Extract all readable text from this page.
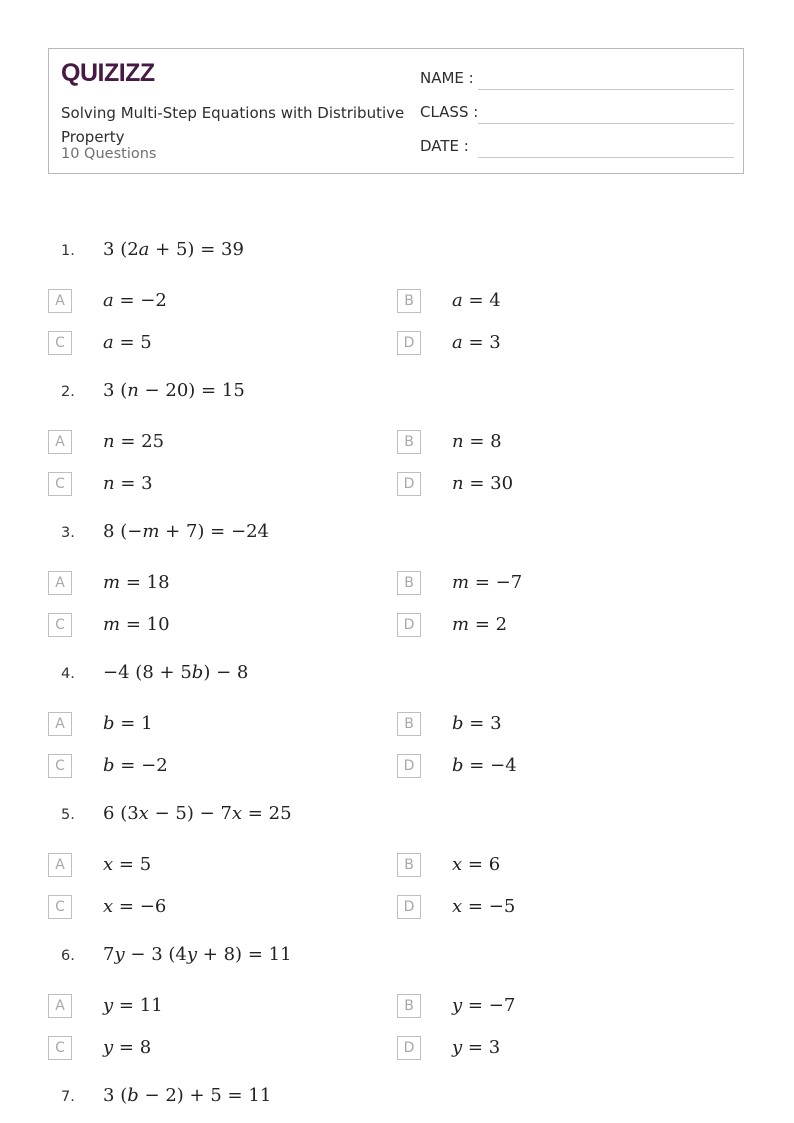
QUIZIZZ
Solving Multi-Step Equations with Distributive Property
10 Questions
NAME :
CLASS :
DATE :
1. 3 (2a + 5) = 39
A	a = −2	B	a = 4
C	a = 5	D	a = 3
2. 3 (n − 20) = 15
A	n = 25	B	n = 8
C	n = 3	D	n = 30
3. 8 (−m + 7) = −24
A	m = 18	B	m = −7
C	m = 10	D	m = 2
4. −4 (8 + 5b) − 8
A	b = 1	B	b = 3
C	b = −2	D	b = −4
5. 6 (3x − 5) − 7x = 25
A	x = 5	B	x = 6
C	x = −6	D	x = −5
6. 7y − 3 (4y + 8) = 11
A	y = 11	B	y = −7
C	y = 8	D	y = 3
7. 3 (b − 2) + 5 = 11
